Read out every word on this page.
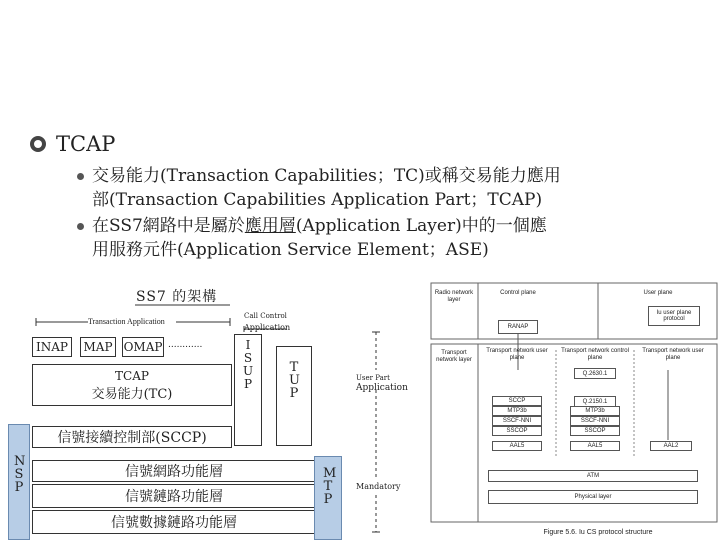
TCAP
交易能力(Transaction Capabilities；TC)或稱交易能力應用
部(Transaction Capabilities Application Part；TCAP)
在SS7網路中是屬於應用層(Application Layer)中的一個應
用服務元件(Application Service Element；ASE)
SS7 的架構
Transaction Application
Call Control
Application
INAP	MAP OMAP ............
TCAP
交易能力(TC)
I S U P
T U P
User Part
Application
信號接續控制部(SCCP)
N S P
信號網路功能層
信號鏈路功能層
信號數據鏈路功能層
M T P
Mandatory
Radio network layer
Control plane	User plane
RANAP
Iu user plane protocol
Transport network layer
Transport network user plane
Transport network control plane
Transport network user plane
Q.2630.1
Q.2150.1
SCCP
MTP3b
SSCF-NNI
SSCOP
AAL5
MTP3b
SSCF-NNI
SSCOP
AAL5	AAL2
ATM
Physical layer
Figure 5.6. Iu CS protocol structure
